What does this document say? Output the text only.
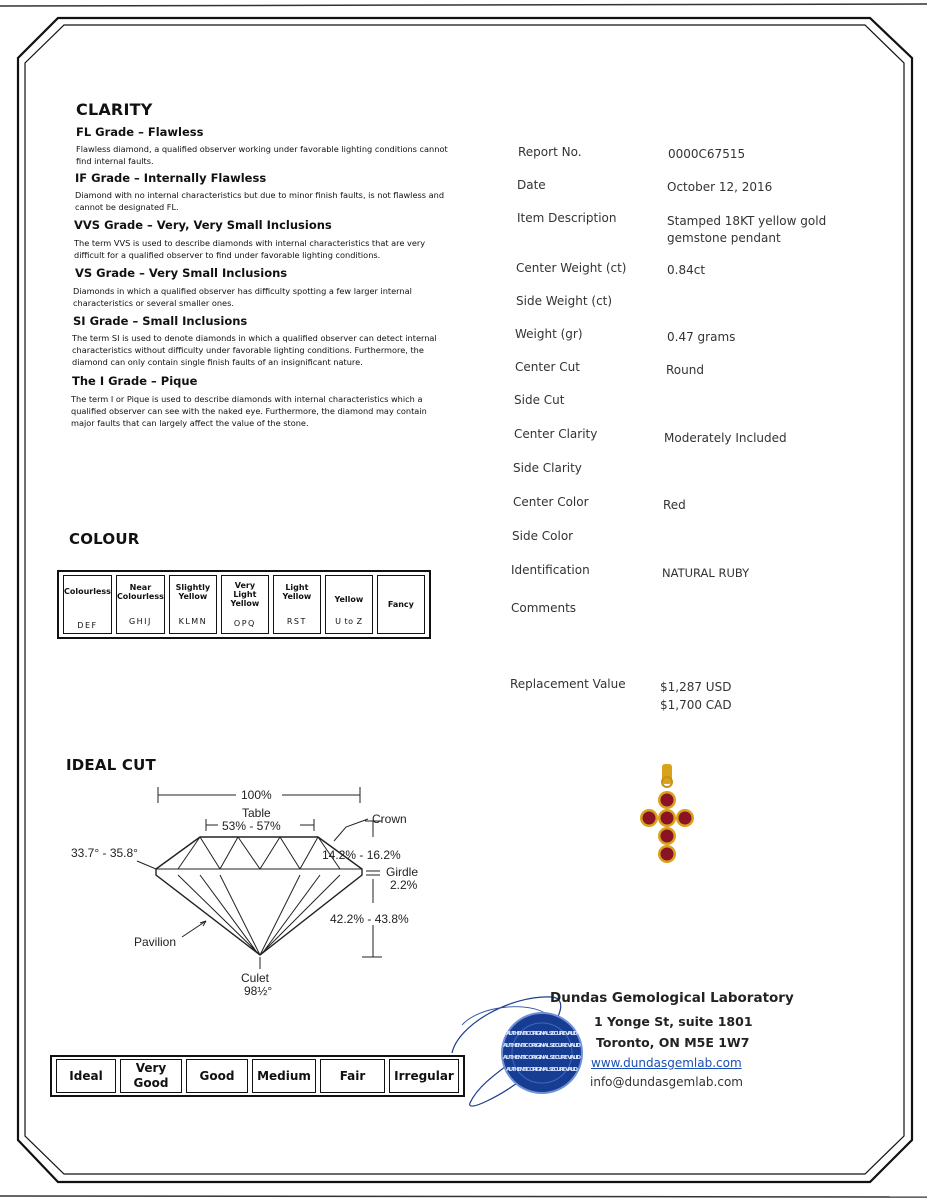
CLARITY
FL Grade – Flawless
Flawless diamond, a qualified observer working under favorable lighting conditions cannot find internal faults.
IF Grade – Internally Flawless
Diamond with no internal characteristics but due to minor finish faults, is not flawless and cannot be designated FL.
VVS Grade – Very, Very Small Inclusions
The term VVS is used to describe diamonds with internal characteristics that are very difficult for a qualified observer to find under favorable lighting conditions.
VS Grade – Very Small Inclusions
Diamonds in which a qualified observer has difficulty spotting a few larger internal characteristics or several smaller ones.
SI Grade – Small Inclusions
The term SI is used to denote diamonds in which a qualified observer can detect internal characteristics without difficulty under favorable lighting conditions. Furthermore, the diamond can only contain single finish faults of an insignificant nature.
The I Grade – Pique
The term I or Pique is used to describe diamonds with internal characteristics which a qualified observer can see with the naked eye. Furthermore, the diamond may contain major faults that can largely affect the value of the stone.
COLOUR
Colourless
DEF

Near Colourless
GHIJ

Slightly Yellow
KLMN

Very Light Yellow
OPQ

Light Yellow
RST

Yellow
U to Z

Fancy
IDEAL CUT
100%
Table
53% - 57%	Crown
33.7° - 35.8°	14.2% - 16.2%
Girdle
2.2%
42.2% - 43.8%
Pavilion
Culet
98½°
Ideal	Very Good	Good	Medium	Fair	Irregular
Report No.	0000C67515
Date	October 12, 2016
Item Description	Stamped 18KT yellow gold gemstone pendant
Center Weight (ct)	0.84ct
Side Weight (ct)
Weight (gr)	0.47 grams
Center Cut	Round
Side Cut
Center Clarity	Moderately Included
Side Clarity
Center Color	Red
Side Color
Identification	NATURAL RUBY
Comments
Replacement Value	$1,287 USD
$1,700 CAD
AUTHENTIC ORIGINAL SECURE VALID
AUTHENTIC ORIGINAL SECURE VALID
AUTHENTIC ORIGINAL SECURE VALID
AUTHENTIC ORIGINAL SECURE VALID
Dundas Gemological Laboratory
1 Yonge St, suite 1801
Toronto, ON M5E 1W7
www.dundasgemlab.com
info@dundasgemlab.com
